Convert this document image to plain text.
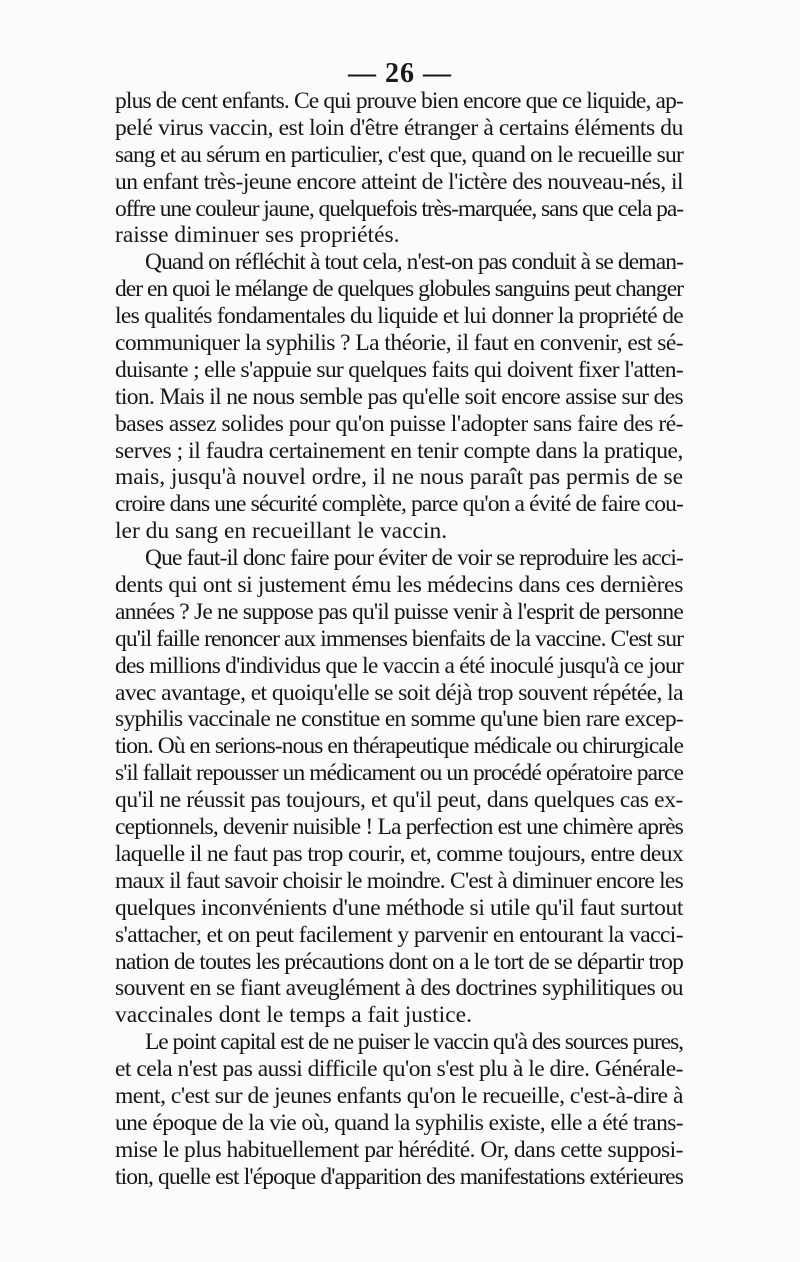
— 26 —
plus de cent enfants. Ce qui prouve bien encore que ce liquide, ap-
pelé virus vaccin, est loin d'être étranger à certains éléments du
sang et au sérum en particulier, c'est que, quand on le recueille sur
un enfant très-jeune encore atteint de l'ictère des nouveau-nés, il
offre une couleur jaune, quelquefois très-marquée, sans que cela pa-
raisse diminuer ses propriétés.
Quand on réfléchit à tout cela, n'est-on pas conduit à se deman-
der en quoi le mélange de quelques globules sanguins peut changer
les qualités fondamentales du liquide et lui donner la propriété de
communiquer la syphilis ? La théorie, il faut en convenir, est sé-
duisante ; elle s'appuie sur quelques faits qui doivent fixer l'atten-
tion. Mais il ne nous semble pas qu'elle soit encore assise sur des
bases assez solides pour qu'on puisse l'adopter sans faire des ré-
serves ; il faudra certainement en tenir compte dans la pratique,
mais, jusqu'à nouvel ordre, il ne nous paraît pas permis de se
croire dans une sécurité complète, parce qu'on a évité de faire cou-
ler du sang en recueillant le vaccin.
Que faut-il donc faire pour éviter de voir se reproduire les acci-
dents qui ont si justement ému les médecins dans ces dernières
années ? Je ne suppose pas qu'il puisse venir à l'esprit de personne
qu'il faille renoncer aux immenses bienfaits de la vaccine. C'est sur
des millions d'individus que le vaccin a été inoculé jusqu'à ce jour
avec avantage, et quoiqu'elle se soit déjà trop souvent répétée, la
syphilis vaccinale ne constitue en somme qu'une bien rare excep-
tion. Où en serions-nous en thérapeutique médicale ou chirurgicale
s'il fallait repousser un médicament ou un procédé opératoire parce
qu'il ne réussit pas toujours, et qu'il peut, dans quelques cas ex-
ceptionnels, devenir nuisible ! La perfection est une chimère après
laquelle il ne faut pas trop courir, et, comme toujours, entre deux
maux il faut savoir choisir le moindre. C'est à diminuer encore les
quelques inconvénients d'une méthode si utile qu'il faut surtout
s'attacher, et on peut facilement y parvenir en entourant la vacci-
nation de toutes les précautions dont on a le tort de se départir trop
souvent en se fiant aveuglément à des doctrines syphilitiques ou
vaccinales dont le temps a fait justice.
Le point capital est de ne puiser le vaccin qu'à des sources pures,
et cela n'est pas aussi difficile qu'on s'est plu à le dire. Générale-
ment, c'est sur de jeunes enfants qu'on le recueille, c'est-à-dire à
une époque de la vie où, quand la syphilis existe, elle a été trans-
mise le plus habituellement par hérédité. Or, dans cette supposi-
tion, quelle est l'époque d'apparition des manifestations extérieures
